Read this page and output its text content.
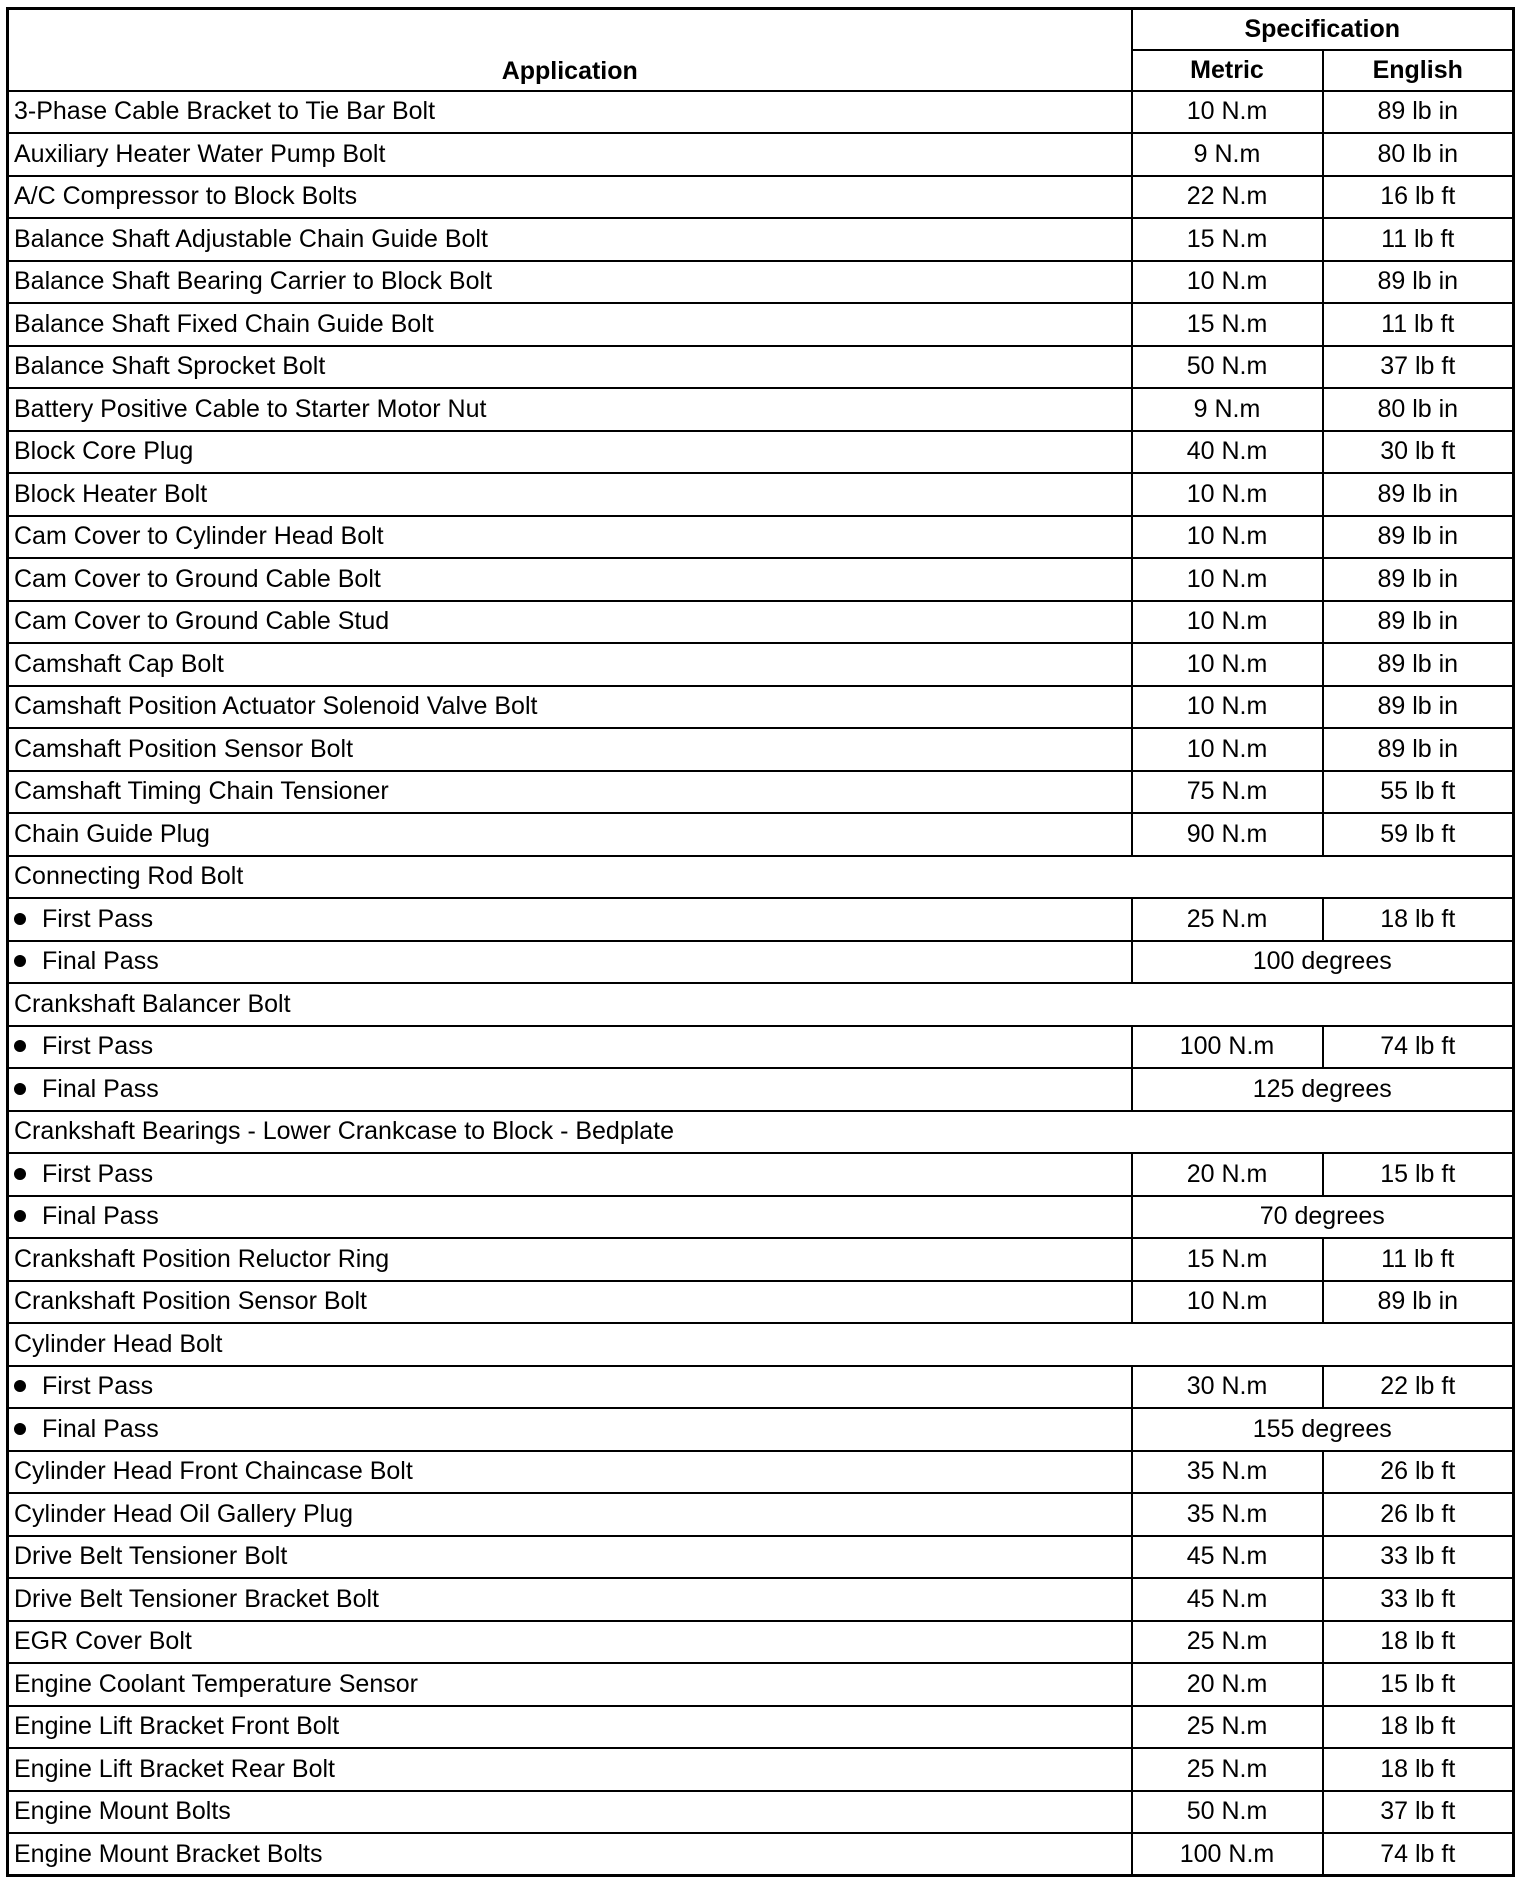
Application	Specification	
	Metric	English
3-Phase Cable Bracket to Tie Bar Bolt	10 N.m	89 lb in
Auxiliary Heater Water Pump Bolt	9 N.m	80 lb in
A/C Compressor to Block Bolts	22 N.m	16 lb ft
Balance Shaft Adjustable Chain Guide Bolt	15 N.m	11 lb ft
Balance Shaft Bearing Carrier to Block Bolt	10 N.m	89 lb in
Balance Shaft Fixed Chain Guide Bolt	15 N.m	11 lb ft
Balance Shaft Sprocket Bolt	50 N.m	37 lb ft
Battery Positive Cable to Starter Motor Nut	9 N.m	80 lb in
Block Core Plug	40 N.m	30 lb ft
Block Heater Bolt	10 N.m	89 lb in
Cam Cover to Cylinder Head Bolt	10 N.m	89 lb in
Cam Cover to Ground Cable Bolt	10 N.m	89 lb in
Cam Cover to Ground Cable Stud	10 N.m	89 lb in
Camshaft Cap Bolt	10 N.m	89 lb in
Camshaft Position Actuator Solenoid Valve Bolt	10 N.m	89 lb in
Camshaft Position Sensor Bolt	10 N.m	89 lb in
Camshaft Timing Chain Tensioner	75 N.m	55 lb ft
Chain Guide Plug	90 N.m	59 lb ft
Connecting Rod Bolt		
First Pass	25 N.m	18 lb ft
Final Pass	100 degrees	
Crankshaft Balancer Bolt		
First Pass	100 N.m	74 lb ft
Final Pass	125 degrees	
Crankshaft Bearings - Lower Crankcase to Block - Bedplate		
First Pass	20 N.m	15 lb ft
Final Pass	70 degrees	
Crankshaft Position Reluctor Ring	15 N.m	11 lb ft
Crankshaft Position Sensor Bolt	10 N.m	89 lb in
Cylinder Head Bolt		
First Pass	30 N.m	22 lb ft
Final Pass	155 degrees	
Cylinder Head Front Chaincase Bolt	35 N.m	26 lb ft
Cylinder Head Oil Gallery Plug	35 N.m	26 lb ft
Drive Belt Tensioner Bolt	45 N.m	33 lb ft
Drive Belt Tensioner Bracket Bolt	45 N.m	33 lb ft
EGR Cover Bolt	25 N.m	18 lb ft
Engine Coolant Temperature Sensor	20 N.m	15 lb ft
Engine Lift Bracket Front Bolt	25 N.m	18 lb ft
Engine Lift Bracket Rear Bolt	25 N.m	18 lb ft
Engine Mount Bolts	50 N.m	37 lb ft
Engine Mount Bracket Bolts	100 N.m	74 lb ft
